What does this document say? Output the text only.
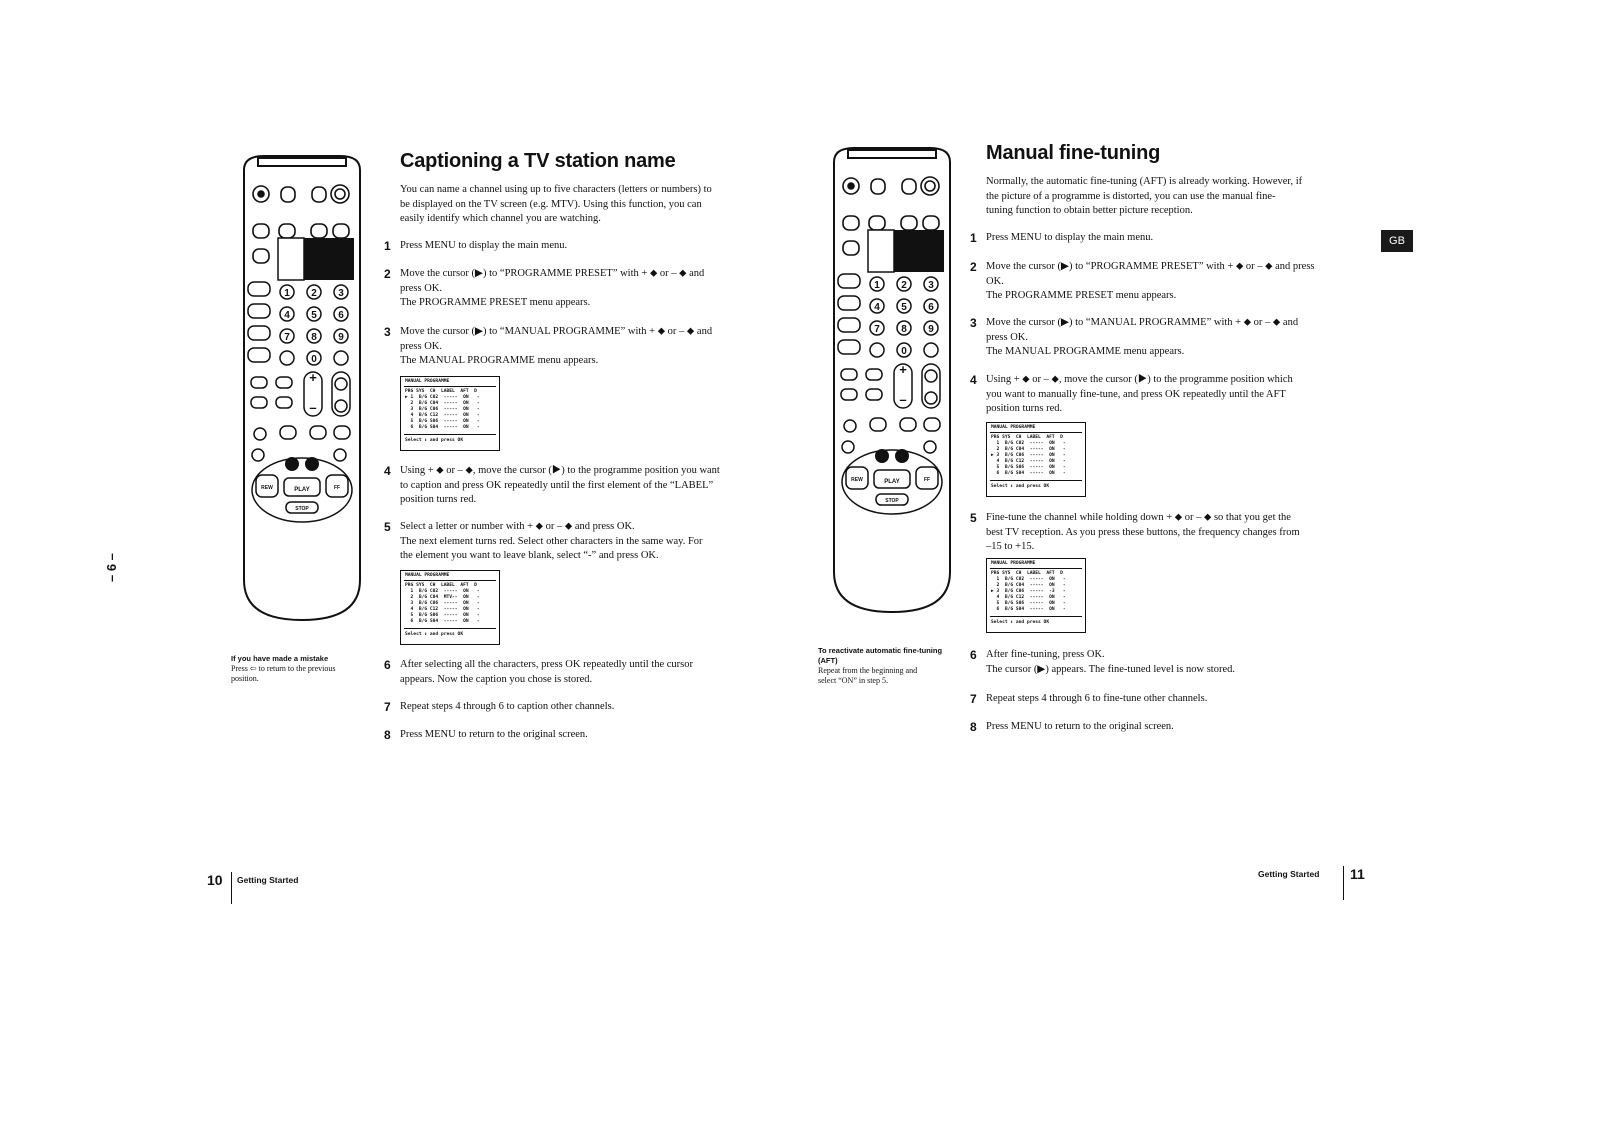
1 2 3
4 5 6
7 8 9
0
+
–
PLAY
STOP
REW	FF
Captioning a TV station name
You can name a channel using up to five characters (letters or numbers) to
be displayed on the TV screen (e.g. MTV). Using this function, you can
easily identify which channel you are watching.
1 Press MENU to display the main menu.
2 Move the cursor (▶) to “PROGRAMME PRESET” with + ⬥ or – ⬥ and
press OK.
The PROGRAMME PRESET menu appears.
3 Move the cursor (▶) to “MANUAL PROGRAMME” with + ⬥ or – ⬥ and
press OK.
The MANUAL PROGRAMME menu appears.
MANUAL PROGRAMME
PRG SYS  CH  LABEL  AFT  D
▶ 1  B/G C02  -----  ON   -
2  B/G C04  -----  ON   -
3  B/G C06  -----  ON   -
4  B/G C12  -----  ON   -
5  B/G S06  -----  ON   -
6  B/G S04  -----  ON   -
Select ↕ and press OK
4 Using + ⬥ or – ⬥, move the cursor (▶) to the programme position you want
to caption and press OK repeatedly until the first element of the “LABEL”
position turns red.
5 Select a letter or number with + ⬥ or – ⬥ and press OK.
The next element turns red. Select other characters in the same way. For
the element you want to leave blank, select “-” and press OK.
MANUAL PROGRAMME
PRG SYS  CH  LABEL  AFT  D
1  B/G C02  -----  ON   -
2  B/G C04  MTV--  ON   -
3  B/G C06  -----  ON   -
4  B/G C12  -----  ON   -
5  B/G S06  -----  ON   -
6  B/G S04  -----  ON   -
Select ↕ and press OK
6 After selecting all the characters, press OK repeatedly until the cursor
appears. Now the caption you chose is stored.
7 Repeat steps 4 through 6 to caption other channels.
8 Press MENU to return to the original screen.
If you have made a mistake
Press ⇦ to return to the previous
position.
10 Getting Started
– 6 –
1 2 3
4 5 6
7 8 9
0
+
–
PLAY
STOP
REW	FF
Manual fine-tuning
Normally, the automatic fine-tuning (AFT) is already working. However, if
the picture of a programme is distorted, you can use the manual fine-
tuning function to obtain better picture reception.
GB
1 Press MENU to display the main menu.
2 Move the cursor (▶) to “PROGRAMME PRESET” with + ⬥ or – ⬥ and press
OK.
The PROGRAMME PRESET menu appears.
3 Move the cursor (▶) to “MANUAL PROGRAMME” with + ⬥ or – ⬥ and
press OK.
The MANUAL PROGRAMME menu appears.
4 Using + ⬥ or – ⬥, move the cursor (▶) to the programme position which
you want to manually fine-tune, and press OK repeatedly until the AFT
position turns red.
MANUAL PROGRAMME
PRG SYS  CH  LABEL  AFT  D
1  B/G C02  -----  ON   -
2  B/G C04  -----  ON   -
▶ 3  B/G C06  -----  ON   -
4  B/G C12  -----  ON   -
5  B/G S06  -----  ON   -
6  B/G S04  -----  ON   -
Select ↕ and press OK
5 Fine-tune the channel while holding down + ⬥ or – ⬥ so that you get the
best TV reception. As you press these buttons, the frequency changes from
–15 to +15.
MANUAL PROGRAMME
PRG SYS  CH  LABEL  AFT  D
1  B/G C02  -----  ON   -
2  B/G C04  -----  ON   -
▶ 3  B/G C06  -----  -3   -
4  B/G C12  -----  ON   -
5  B/G S06  -----  ON   -
6  B/G S04  -----  ON   -
Select ↕ and press OK
6 After fine-tuning, press OK.
The cursor (▶) appears. The fine-tuned level is now stored.
7 Repeat steps 4 through 6 to fine-tune other channels.
8 Press MENU to return to the original screen.
To reactivate automatic fine-tuning (AFT)
Repeat from the beginning and
select “ON” in step 5.
Getting Started 11
